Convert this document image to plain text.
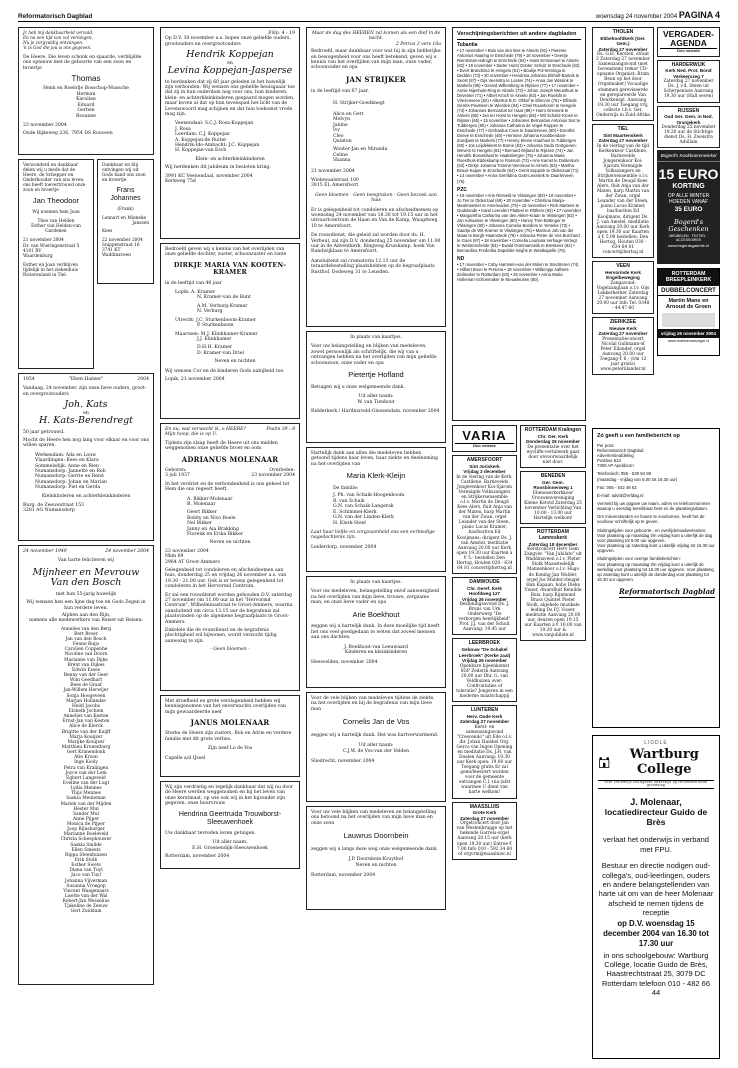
Reformatorisch Dagblad	woensdag 24 november 2004 PAGINA 4
Jc heb mij dankbaarheid vervuld,
En na een tijd van vol verlangen,
Nu je zorgvuldig ontvangen.
'k Is God die jou is ons gegeven.
De Heere, Die leven schonk en spaarde, verblijdde ons opnieuw met de geboorte van een zoon en broertje
Thomas
Henk en Roelofje Bosschop-Mussche
Herman
Karolien
Eduard
Gerben
Rosanne
23 november 2004
Oude Rijksweg 236, 7954 DS Rouveen
Verwonderd en dankbaar delen wij u mede dat de Heere, de Schepper en Onderhouder van ons leven, ons heeft toevertrouwd onze zoon en broertje
Jan Theodoor
Wij noemen hem Joan
Theo van Helden
Esther van Helden-van Gardenen
21 november 2004
Dr. van Wieringenstraat 5
4101 RV
Waardenburg
Esther en Joan verblijven tijdelijk in het ziekenhuis Rivierenland in Tiel.
Dankbaar en blij ontvingen wij uit Gods hand ons zoon en broertje
Frans Johannes
(Frank)
Lennart en Mieneke
Janssen
Kees
22 november 2004
Snippenstraat 16
3741 KT
Waddinxveen
1954	"Eben-Haëzer"	2004
Vandaag, 24 november, zijn onze lieve ouders, groot- en overgrootouders
Joh. Kats
en
H. Kats-Berendregt
50 jaar getrouwd.
Mocht de Heere hen nog lang voor elkaar en voor ons willen sparen.
Werkendam: Ada en Louw
Vlaardingen: Kees en Klara
Sommelsdijk: Anne en Rien
Numansdorp: Jannette en Rob
Numansdorp: Gerrie en René
Numansdorp: Johan en Marian
Numansdorp: Piet en Gerda
Kleinkinderen en achterkleinkinderen
Burg. de Zeeuwstraat 153
3281 AG Numansdorp
24 november 1949	24 november 2004
Van harte feliciteren wij
Mijnheer en Mevrouw
Van den Bosch
met hun 55-jarig huwelijk
Wij wensen hen een lijne dag toe en Gods Zegen in hun verdere leven.
Alphen aan den Rijn,
namens alle medewerkers van Reiser-uit Reisen:
Annelies van den Berg
Bert Broer
Jan van den Bosch
Fenne Buijs
Carolien Coppenhe
Nicoline van Doorn
Marianne van Dijke
Brent van Dijkes
Edwin Esses
Benny van der Geer
Wim Goedhart
Rees de Graaf
Jan-Willem Herwijer
Sonja Hoogeveen
Marjan Hollandse
Heidi Jacobs
Elsbeth Jochem
Annelies van Kesten
Ernst-Jan van Kesten
Alice de Klerck
Brigitte van der Kuijff
Marja Kouijzer
Marijke Kouijzer
Matthieu Kronenburg
Gert Kranendonk
Atie Kroon
Inge Kooly
Petra van Kralingen
Joyce van der Lem
Egbert Langeveld
Eveline van der Lugt
Lydia Mennes
Thijs Mennes
Saskia Meuleman
Mariek van der Mijden
Hester Mul
Sander Mul
Anne Pijper
Monica de Pijper
Joop Rijnsburger
Marianne Roeleveld
Christa Scheephouwer
Saskia Smilde
Ellen Smeets
Rippa Steenhuizen
Erik Stolk
Esther Swets
Diana van Tuyl
Jaco van Tuyl
Johanna Vijverman
Susanna Vroegop
Vincent Waagenaars
Lisette van der Wal
Robert-Jan Wesselius
Tjakeline de Zeeuw
Gert Zuiddam
Filip. 4 : 19
Op D.V. 30 november a.s. hopen onze geliefde ouders, grootouders en overgrootouders
Hendrik Koppejan
en
Levina Koppejan-Jasperse
te herdenken dat zij 60 jaar geleden in het huwelijk zijn verbonden. Wij wensen ons geliefde heuisgaaar toe dat zij in hun ouderdom nog voor ons, hun kinderen, klein- en achterkleinkinderen gespaard mogen worden, maar boven al dat op hun levenspad het licht van de Levenswoord mag schijnen en dat hun toekomst vrede mag zijn.
Veenendaal: S.C.J. Rosa-Koppejan
J. Rosa
Leerdam: C.J. Koppejan
A. Koppejan-de Ruiter
Hendrik-Ido-Ambacht: J.C. Koppejan
H. Koppejan-van Esch
Klein- en achterkleinkinderen
Wij herdenken dit jubileum in besloten kring.
3991 KC Veenendaal, november 2004
Kerkweg 75d
Bedroefd geven wij u kennis van het overlijden van onze geliefde dochter, zuster, schoonzuster en tante
DIRKJE MARIA VAN KOOTEN-KRAMER
in de leeftijd van 46 jaar
Lopik: A. Kramer
N. Kramer-van de Bunt
A.M. Verburg-Kramer
N. Verburg
Utrecht: J.C. Sturkenboom-Kramer
P. Sturkenboom
Maarssen: M.J. Klinkhamer-Kramer
J.J. Klinkhamer
D.H.H. Kramer
D. Kramer-van Driel
Neven en nichten
Wij wensen Cor en de kinderen Gods nabijheid toe.
Lopik, 21 november 2004
En nu, wat verwacht ik, o HEERE? Mijn hoop, die is op U.
Psalm 39 : 8
Tijdens zijn slaap heeft de Heere uit ons midden weggenomen onze geliefde broer en oom
ADRIANUS MOLENAAR
Geboren:
3 juli 1937
Overleden:
23 november 2004
In het verdriet en de verbondenheid is ons geheel tot Hem die ons regeert heeft.
A. Bikker-Molenaar
B. Molenaar
Geert Bikker
Bobby en Nico Boele
Nel Bikker
Janny en Aia Brakking
Florenk en Erika Bikker
Neven en nichten
23 november 2004
Nkm 69
2964 AT Groot-Ammers
Gelegenheid tot condoleren en afscheidnemen aan huis, donderdag 25 en vrijdag 26 november a.s. van 19.30 - 21.00 uur. Ook is er tevens gelegenheid tot condoleren in het Hervormd Centrum.
Er zal een rouwdienst worden gehouden D.V. zaterdag 27 november om 11.00 uur in het "Hervormd Centrum", Wilhelminastraat te Groot-Ammers, waarna aansluitend om circa 13.15 uur de begrafenis zal plaatsvinden op de algemene begraafplaats te Groot-Ammers.
Enkelele die de rouwdienst en de begrafenis plechtigheid wil bijwonen, wordt verzocht tijdig aanwezig te zijn.
- Geen bloemen -
Met droefheid en grote verslagenheid hebben wij kennisgenomen van het onverwachts overlijden van mijn gewaardeerde neef
JANUS MOLENAAR
Sterke de Heere zijn zusters, Bob en Adrie en verdere familie met dit grote verlies.
Zijn neef Lo de Vos
Capelle a/d IJssel
Wij zijn verdrietig en tegelijk dankbaar dat wij nu door de Heere werden weggenomen en bij het leven van onze kerstmaat, op wie ook wij in het bijzonder zijn gegeven, onze buurvrouw
Hendrina Geertruida Trouwborst-Sleeuwenhoek
Uw dankbaar tevreden leven getuigen.
Uit aller naam:
E.H. Groenendijk-Sleeuwenhoek
Rotterdam, november 2004
Maar de dag des HEEREN zal komen als een dief in de nacht.
2 Petrus 3 vers 10a
Bedroefd, maar dankbaar voor wat hij in zijn liefderijke en bewogenheid voor ons heeft betekend, geven wij u kennis van het overlijden van mijn man, onze vader, schoonvader en opa
JAN STRIJKER
in de leeftijd van 67 jaar.
H. Strijker-Goedknegt
Alice en Gert
Melvyn
Janine
Ivy
Cleo
Quinten
Wouter-Jan en Miranda
Celine
Shanna
21 november 2004
Wielewaalstraat 100
3815 EL Amersfoort
Geen bloemen - Geen toespraken - Geen bezoek aan huis
Er is gelegenheid tot condoleren en afscheidnemen op woensdag 24 november van 18.30 tot 19.15 uur in het uitvaartcentrum de Haan en Van de Kamp, Waagdweg 10 te Amersfoort.
De rouwdienst, die geleid zal worden door ds. H. Verheul, zal zijn D.V. donderdag 25 november om 11.00 uur in de Adventkerk, Ringweg Kruiskamp, hoek Van Randwijklaan te Amersfoort.
Aansluitend zal crematoria 12.15 uur de teraardebestelling plaatshebben op de begraafplaats Rusthof, Dodeweg 31 te Leusden.
In plaats van kaartjes.
Voor uw belangstelling en blijken van medeleven, zowel persoonlijk als schriftelijk, die wij van u ontvangen hebben na het overlijden van mijn geliefde schoonzoon, onze vader en opa
Pietertje Hofland
Betuigen wij u onze welgemeende dank.
Uit aller naam:
W. van Tienhout
Ridderkerk / Hardinxveld-Giessendam, november 2004
Hartelijk dank aan allen die medeleven hebben getoond tijdens haar leven, haar ziekte en deelneming na het overlijden van
Maria Klerk-Kleijn
De familie:
J. Ph. van Schaik-Hoogenboom
B. van Schaik
G.N. van Schaik-Langerak
E. Schimmel-Klerk
G.N. van der Linden-Klerk
H. Klerk-Steel
Laat haar liefde en zorgzaamheid ons een eerbiedige nagedachtenis zijn.
Leiderdorp, november 2004
In plaats van kaartjes.
Voor uw medeleven, belangstelling en/of aanwezigheid na het overlijden van mijn lieve, trouwe, zorgzame man, en onze lieve vader en opa
Arie Boekhout
zeggen wij u hartelijk dank. In deze moeilijke tijd heeft het ons veel goedgedaan te weten dat zoveel mensen aan ons dachten.
J. Boekhout-van Leeuwaard
Kinderen en kleinkinderen
Heesvelden, november 2004
Voor de vele blijken van medeleven tijdens de ziekte, na het overlijden en bij de begrafenis van mijn lieve man
Cornelis Jan de Vos
zeggen wij u hartelijk dank. Het was hartverwarmend.
Uit aller naam:
C.J.W. de Vos-van der Velden
Sliedrecht, november 2004
Voor uw vele blijken van medeleven en belangstelling ons betoond na het overlijden van mijn lieve man en onze zoon
Lauwrus Doornbein
zeggen wij u langs deze weg onze welgemeende dank.
J.P. Doornbein-Kruythof
Neven en nichten
Rotterdam, november 2004
Verschijningsberichten uit andere dagbladen
Tubantia
• 17 november • Buis van den Bos te Almelo (91) • Pieterse Antonius Haaring te Enschede (79) • 18 november • Geertje Rientsman-Iedrogh te Enschede (94) • Hans Emmanuel te Almelo (82) • 19 november • Dieter Horst Günter Schulz te Enschede (63) • Evert Brandsma te Hengelo (51) • Boukje Pol-Imminga te Dedden (73) • 20 november • Hendrina Johanna Elsholf-Bartels te Seost (87) • Gijs Veenstra te Losser (74) • Anna Jan Wissink te Markelo (95) • Gerard Willemberg te Rijssen (77) • 17 november • Annie Nijenhuis-Ring te Almelo (73) • Johan Jozeph Weusthuis te Deventer (71) • Albert Kroch te Almelo (83) • Jan Roelofs te Vriezenveen (82) • Albertus B.G. Olthof te Ellecom (75) • Elfriede Gerrits-Pousteen te Wierden (84) • Chiel Rouwhoorn te Hengelo (74) • Johannes Bernardus ter Haar (89) • Harm Greveink te Almelo (80) • Jan ter Horst te Hengelo (65) • Wil Schaltz-Kroes te Rijssen (65) • 15 november • Johannes Bernardus Antonius Sixt te Tubbergen (80) • Johanna Catharina de Vogel-Roppen te Enschede (77) • Gerhardus Coes te Daarlerveen (80) • Dorothé Doeve te Enschede (48) • Hermine Johanna Koobbendam-Zondjans te Markelo (77) • Henny Kleine Haarhuis te Tubbergen (60) • Jos Leijdekkers te Borne (63) • Johanna Oeda Oortgieven-Wevers te Hengelo (81) • Bernard Wijland te Rijssen (74) • Jan Hendrik Bosveldwal te Haaksbergen (75) • Johanna Maria Roesthuis-Eddeskamp te Rossum (72) • Arie Kamst te Doldersum (83) • Dirkje Johanna Tomme-Veenman te Almelo (64) • Martha Braun-Kaiper te Enschede (84) • Gerrit Seppink te Oldenzaal (71) • 14 november • Anna Gerritdina Gast-Leussink te Daarlerveen (75).
PZC
• 19 november • Arie Rietveld te Vlissingen (83) • 18 november • Jo Ten te Oldenzaal (69) • 20 november • Christina Marija-Meulmeester te Arnemuiden (79) • 18 november • Rick Martens te Oudelande • Karel Leendert Platteel te Ritthem (93) • 17 november • Margaretha Catharina van den Akker-Kraan te Vlissingen (82) • Jan Adriaanse te Vlissingen (80) • Hanny Tron-Bottinger te Vlissingen (90) • Johanna Cornelia Bonders te Yerseke (73) • Saartje de Wit-Kramer te Vlissingen (75) • Marinus Job van der Maas te Burgh-Haamstede (78) • Johanna Pieter de Vos Burchard te Goes (87) • 18 november • Cornelia Lauriana Verhage-Vertegt te Westerschelde (84) • Ewald Oommanneiik te Breskens (82) • Bernardina Frederika Dapolder-Seghs te Westkapelle (79).
ND
• 17 november • Coby Harmsen-van der Molen te Stechteren (74) • Hilbert Boon te Pretoria • 18 november • Willempje Aalbers-Zeilmaker te Rotterdam (83) • 25 november • Anna Maria Holleman-Schoemaker te Nieuwleusen (80).
VARIA
Deo volente
AMERSFOORT
Sint Joriskerk
Vrijdag 3 december
In de viering van de Kerk, Castilene, Barnevelds Jongerenkoor Koi-Sjarom Verenigde Volkszangers en Strijkersensemble o.l.v. Martin de Deugd Kees Alers, fluit Anja van der Maten, harp Martin van der Zwan, orgel Leander van der Steen, piano Lucas Kramer, bas/bariton Ed Kooijmans; dirigent Ds. J. van Amstel, meditatie Aanvang 20.00 uur Kerk open 19.30 uur Kaarten à € 5.- bestellen Den Hertog, Houten 020 - 634 64 81 concert@hertog.nl
DAMWOUDE
Chr. Geref. Kerk Hoofdweg 127
Vrijdag 26 november
Bezinningsavond Ds. J. Bruns van Urk Onderwerp "De verborgen heerlijkheid" Prof. J.J. van der Schuit Aanvang: 19.45 uur
LEERBROEK
Gebouw "De Schakel Leerbroek" (Kerke zaal)
Vrijdag 26 november
Openbare bijeenkomst SGP Zederik Aanvang 20.00 uur Dhr. G. van Veldhuizen over: Confrontaties of toleratie? Jongeren in een moderne maatschappij
LUNTEREN
Herv. Oude Kerk
Zaterdag 27 november
Kerst- en samenzangavond "Crescendo" uit Ede o.l.v. dir. Johan Huisbel Org. Gerco van Ingen Opening en meditatie Ds. J.H. van Daalen Aanvang: 19.30 uur Kerk open: 19.00 uur Toegang gratis Er zal geen/feest/ert worden voor de gemeente ontvangen C.I.-(na-)afst waarmee U dient van harte welkom!
MAASSLUIS
Grote Kerk
Zaterdag 27 november
Orgelconcert door Jan van Westenbrugge op het bekende Garrels-orgel Aanvang 20.15 uur (kerk open 19.30 uur) Entree € 7,00 Info 010 - 592 34 60 of orgvrm@maasluisc.nl
ROTTERDAM Kralingen
Chr. Ger. Kerk
Donderdag 25 november
De presentatie over het wycliffe-vertalwerk gaat door onvoorwaardelijk niet door.
BENEDEN
Ger. Gem. Roosbinnenweg 1
Ebenezerkerkkoor Vrouwenvereniging Kleine Kerstd Zaterdag 25 november Verlichting Van 10.00 - 13.00 uur Hartelijk welkom!
ROTTERDAM Lamreskerk
Zaterdag 18 december
Kerstconcert Herv Gem Zangver. "Van Jubilate" uit Waddinxveen o.l.v. Pieter Stolk Maasstedelijk Mannenkoor o.l.v. Hugo de Koning Jan Mulder, orgel Jos Mulder,vleugel Han Kapaan, hobo Dieks Visser, dwarsfluit Reinilde Buis, harp Rijnmond Brass Quintet Pieter Stolk, algehele muzikale leiding Ds P.J. Visser, meditatie Aanvang 20.00 uur, deuren open 19.15 uur Kaarten à € 10.00 van 10-20 uur & www.vanjubilate.nl
THOLEN
Ebbehoofdkerk (Ger. Gem.)
Zaterdag 27 november
Ds. G.H. Kersten, straat 2 Zaterdag 27 november Samenzangavond (met bovenstem) trekor CD-opname Organist: Bram Beun op het door Orgelmaker) Vocaalige stemmen gereviseerde en gerepareerde Van Deurkenspl. Aanvang 19.30 uur Toegang vrij, collecte t.b.v. Ger. Onderwijs in Zuid-Afrika
TIEL
Sint Maartenskerk
Zaterdag 27 november
In de viering van de tijd Kerkenkoor Castilene, Barnevelds Jongerenkoor Koi-Sjarom Verenigde Volkszangers en Strijkersensemble o.l.v. Martin de Deugd Kees Alers, fluit Anja van der Maten, harp Martin van der Zwan, orgel Leander van der Steen, piano Lucas Kramer, bas/bariton Ed Kooijmans, dirigent Ds. J. van Amstel, meditatie Aanvang 20.00 uur Kerk open 19.30 uur Kaarten à € 5.00 bestellen: Den Hertog, Houten 030 - 634 64 81 concert@hertog.nl
VEEN
Hervormde Kerk Engelbeweging
Zangavond: Vogelzanglaan o.l.v. Gijs Lekkerkerker Zaterdag 27 november Aanvang 20.00 uur Info Tel. 0348 - 44 47 60
ZIERIKZEE
Nieuwe Kerk
Zaterdag 27 november
Presentatieconcert Nicolaï Gullmann-of Peter Eilander, orgel Aanvang 20.00 uur Toegang € 6,- (t/m 12 jaar gratis) www.peteriilander.nl
VERGADER-AGENDA
Deo volente
HARDERWIJK
Kerk Ned. Prot. Bond Verkeerszeg 7
Zaterdag 27 november Ds. J. v.d. Steen uit Scherpenisse Aanvang 19.30 uur (Hall oeven)
RIJSSEN
Oud Ger. Gem. in Ned. Oranjekerk
Donderdag 25 november 19.30 uur de Stichtige dienst Ds. H. Zweistra Adullam
Bogerd's Kookboerenwinkel
15 EURO
KORTING
OP ALLE WINTER
HOEDEN VANAF
35 EURO
Bogerd's Geschenken
MEUBELEN · TEXTIEL · ACCESSOIRES
www.bogerdsgaleriie.nl
ROTTERDAM
BREEPLEINKERK
DUBBELCONCERT
Martin Mans en
Arnoud de Groen
vrijdag 26 november 2004
www.martinmansorgel.nl
Zó geeft u een familiebericht op
Per post:
Reformatorisch Dagblad
Advertentieafdeling
Postbus 613
7300 AP Apeldoorn
Telefonisch: 055 - 539 94 99
(maandag - vrijdag van 8.00 tot 16.30 uur)
Fax: 055 - 542 48 62
E-mail: advrd@refdag.nl
Vermeld bij uw opgave uw naam, adres en telefoonnummer waarop u overdag bereikbaar bent en de plaatsingsdatum.
Om misverstanden en fouten te voorkomen, heeft het de voorkeur schriftelijk op te geven.
Sluitingstijden voor geboorte-, en overlijdensadvertenties:
Voor plaatsing op maandag t/m vrijdag kunt u uiterlijk de dag voor plaatsing tot 9.00 uur opgeven.
Voor plaatsing op zaterdag kunt u uiterlijk vrijdag tot 16.30 uur opgeven.
Sluitingstijden voor overige familieberichten:
Voor plaatsing op maandag t/m vrijdag kunt u uiterlijk de werkdag voor plaatsing tot 16.30 uur opgeven. Voor plaatsing op zaterdag kunt u uiterlijk de donderdag voor plaatsing tot 16.30 uur opgeven.
Reformatorisch Dagblad
LIDDLE
Wartburg College
voor christelijk voortgezet onderwijs op reformatorische grondslag
J. Molenaar,
locatiedirecteur Guido de Brès
verlaat het onderwijs in verband met FPU.
Bestuur en directie nodigen oud-collega's, oud-leerlingen, ouders en andere belangstellenden van harte uit om van de heer Molenaar afscheid te nemen tijdens de receptie
op D.V. woensdag 15 december 2004 van 16.30 tot 17.30 uur
in ons schoolgebouw: Wartburg College, locatie Guido de Brès, Haastrechtstraat 25, 3079 DC Rotterdam telefoon 010 - 482 66 44
